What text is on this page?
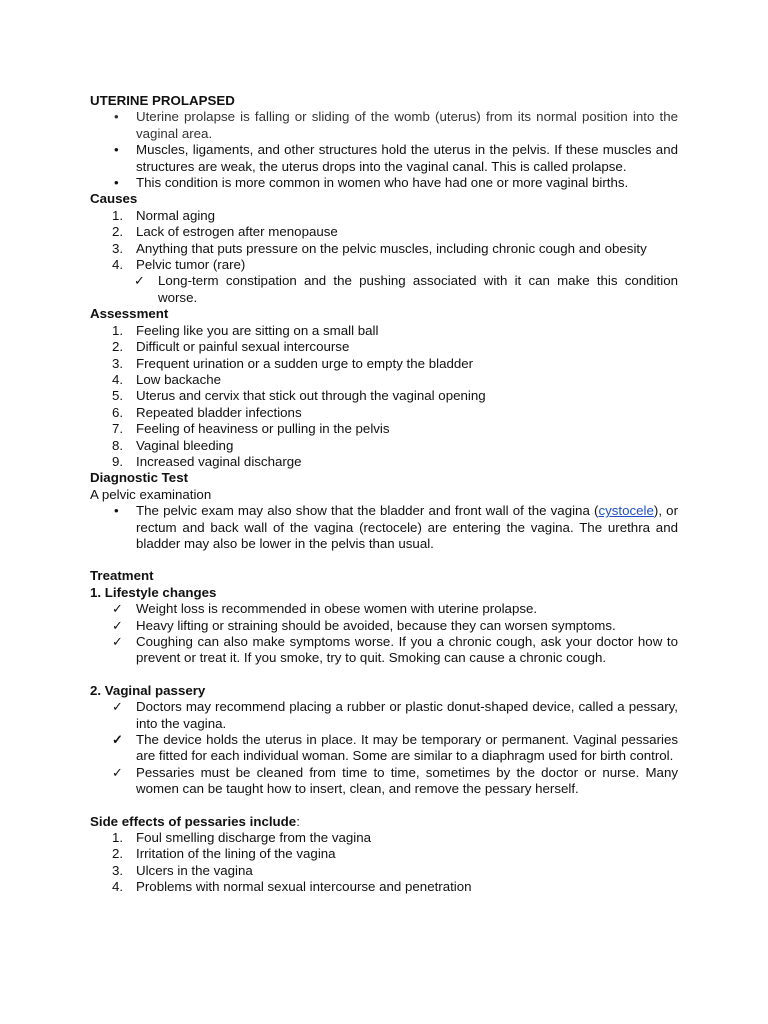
UTERINE PROLAPSED

• Uterine prolapse is falling or sliding of the womb (uterus) from its normal position into the vaginal area.
• Muscles, ligaments, and other structures hold the uterus in the pelvis. If these muscles and structures are weak, the uterus drops into the vaginal canal. This is called prolapse.
• This condition is more common in women who have had one or more vaginal births.

Causes

1. Normal aging
2. Lack of estrogen after menopause
3. Anything that puts pressure on the pelvic muscles, including chronic cough and obesity
4. Pelvic tumor (rare)
✓ Long-term constipation and the pushing associated with it can make this condition worse.

Assessment

1. Feeling like you are sitting on a small ball
2. Difficult or painful sexual intercourse
3. Frequent urination or a sudden urge to empty the bladder
4. Low backache
5. Uterus and cervix that stick out through the vaginal opening
6. Repeated bladder infections
7. Feeling of heaviness or pulling in the pelvis
8. Vaginal bleeding
9. Increased vaginal discharge

Diagnostic Test

A pelvic examination

• The pelvic exam may also show that the bladder and front wall of the vagina (cystocele), or rectum and back wall of the vagina (rectocele) are entering the vagina. The urethra and bladder may also be lower in the pelvis than usual.

Treatment

1. Lifestyle changes

✓ Weight loss is recommended in obese women with uterine prolapse.
✓ Heavy lifting or straining should be avoided, because they can worsen symptoms.
✓ Coughing can also make symptoms worse. If you a chronic cough, ask your doctor how to prevent or treat it. If you smoke, try to quit. Smoking can cause a chronic cough.

2. Vaginal passery

✓ Doctors may recommend placing a rubber or plastic donut-shaped device, called a pessary, into the vagina.
✓ The device holds the uterus in place. It may be temporary or permanent. Vaginal pessaries are fitted for each individual woman. Some are similar to a diaphragm used for birth control.
✓ Pessaries must be cleaned from time to time, sometimes by the doctor or nurse. Many women can be taught how to insert, clean, and remove the pessary herself.

Side effects of pessaries include:

1. Foul smelling discharge from the vagina
2. Irritation of the lining of the vagina
3. Ulcers in the vagina
4. Problems with normal sexual intercourse and penetration
